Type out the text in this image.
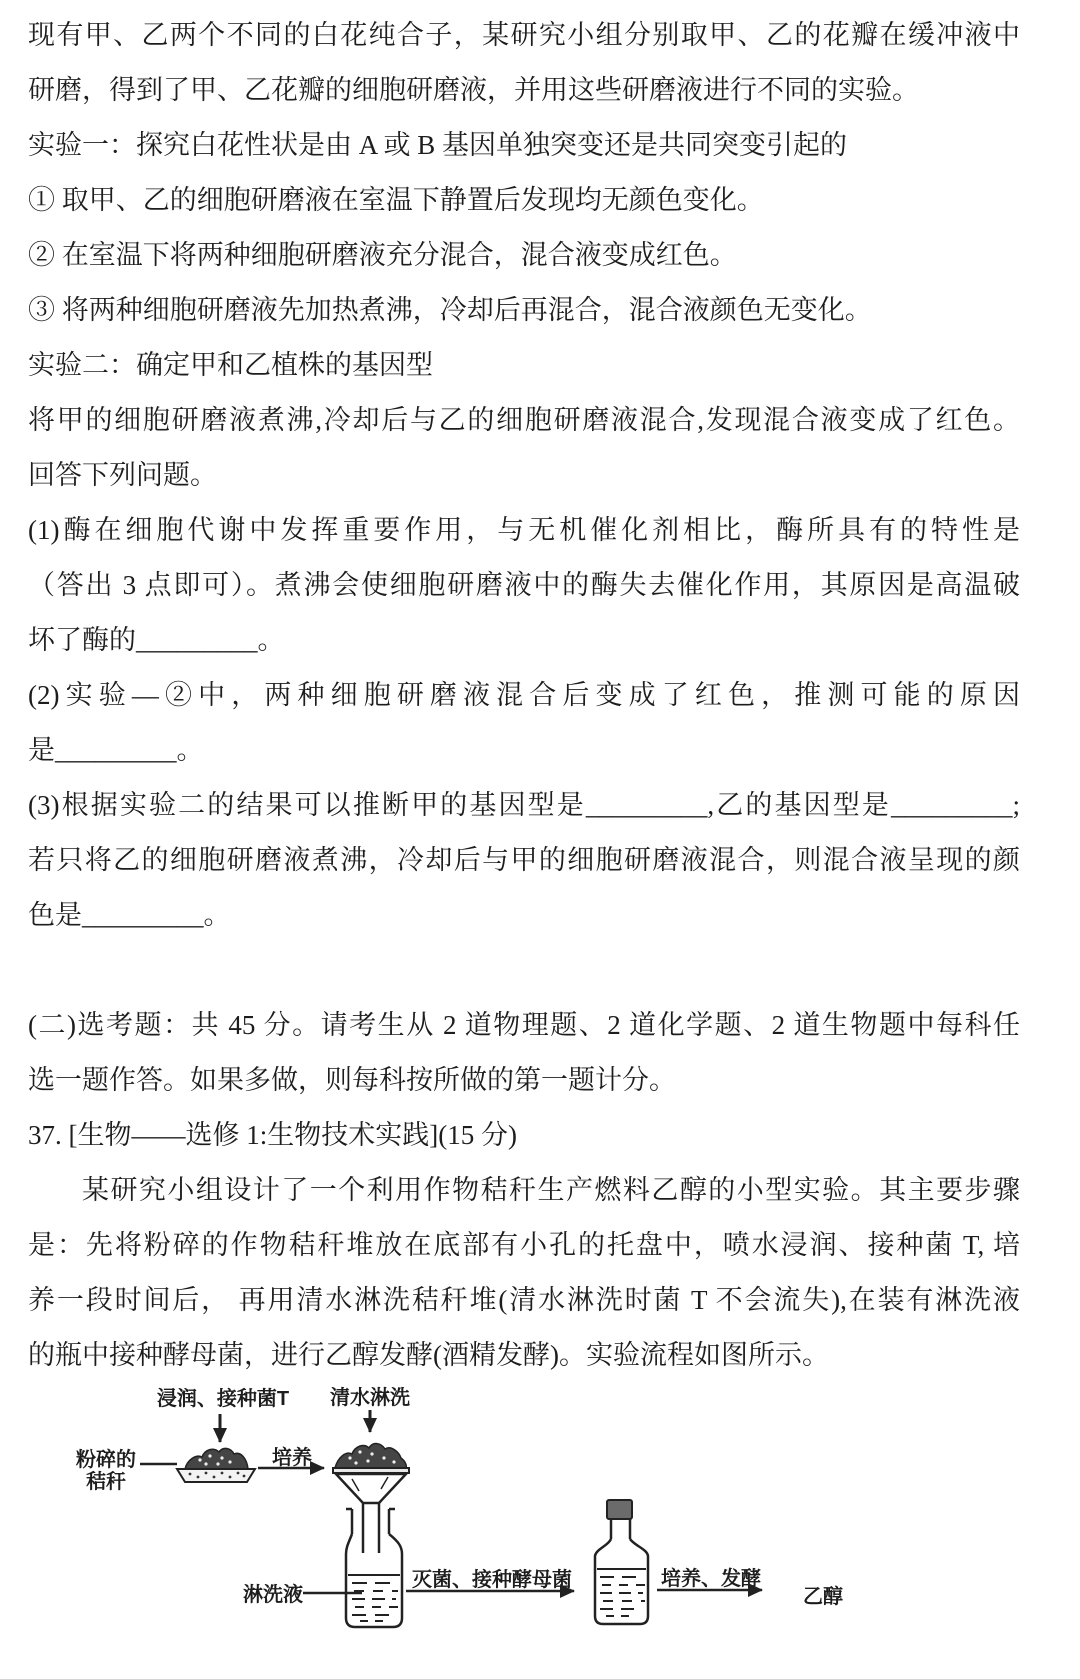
现有甲、乙两个不同的白花纯合子，某研究小组分别取甲、乙的花瓣在缓冲液中
研磨，得到了甲、乙花瓣的细胞研磨液，并用这些研磨液进行不同的实验。
实验一：探究白花性状是由 A 或 B 基因单独突变还是共同突变引起的
① 取甲、乙的细胞研磨液在室温下静置后发现均无颜色变化。
② 在室温下将两种细胞研磨液充分混合，混合液变成红色。
③ 将两种细胞研磨液先加热煮沸，冷却后再混合，混合液颜色无变化。
实验二：确定甲和乙植株的基因型
将甲的细胞研磨液煮沸,冷却后与乙的细胞研磨液混合,发现混合液变成了红色。
回答下列问题。
(1)酶在细胞代谢中发挥重要作用，与无机催化剂相比，酶所具有的特性是
（答出 3 点即可）。煮沸会使细胞研磨液中的酶失去催化作用，其原因是高温破
坏了酶的_________。
(2)实验—②中，两种细胞研磨液混合后变成了红色，推测可能的原因
是_________。
(3)根据实验二的结果可以推断甲的基因型是_________,乙的基因型是_________;
若只将乙的细胞研磨液煮沸，冷却后与甲的细胞研磨液混合，则混合液呈现的颜
色是_________。
(二)选考题：共 45 分。请考生从 2 道物理题、2 道化学题、2 道生物题中每科任
选一题作答。如果多做，则每科按所做的第一题计分。
37. [生物——选修 1:生物技术实践](15 分)
某研究小组设计了一个利用作物秸秆生产燃料乙醇的小型实验。其主要步骤
是：先将粉碎的作物秸秆堆放在底部有小孔的托盘中，喷水浸润、接种菌 T, 培
养一段时间后， 再用清水淋洗秸秆堆(清水淋洗时菌 T 不会流失),在装有淋洗液
的瓶中接种酵母菌，进行乙醇发酵(酒精发酵)。实验流程如图所示。
浸润、接种菌T 清水淋洗
粉碎的
秸秆
培养
淋洗液
灭菌、接种酵母菌	培养、发酵
乙醇
